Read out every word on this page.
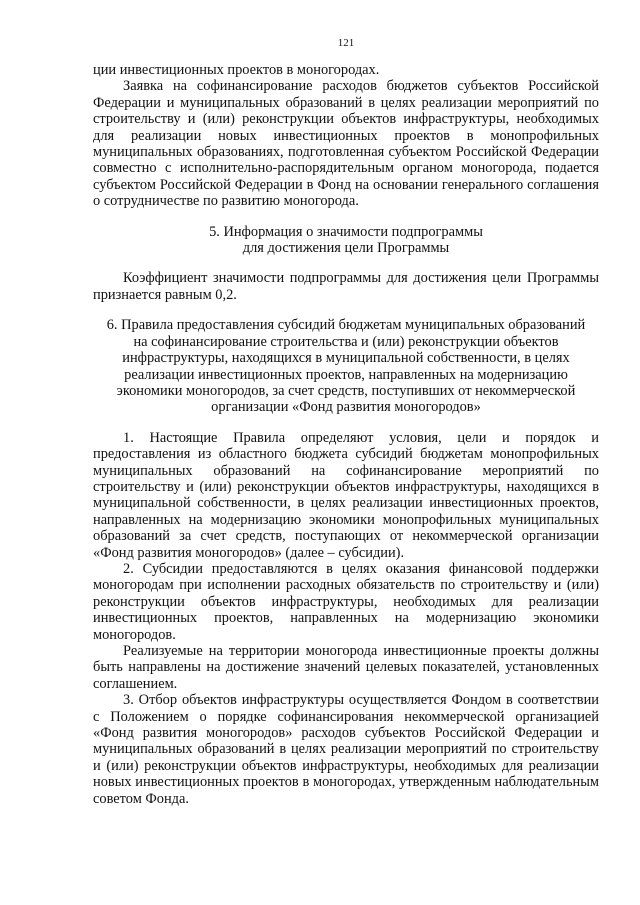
121

ции инвестиционных проектов в моногородах.

Заявка на софинансирование расходов бюджетов субъектов Российской Федерации и муниципальных образований в целях реализации мероприятий по строительству и (или) реконструкции объектов инфраструктуры, необходимых для реализации новых инвестиционных проектов в монопрофильных муниципальных образованиях, подготовленная субъектом Российской Федерации совместно с исполнительно-распорядительным органом моногорода, подается субъектом Российской Федерации в Фонд на основании генерального соглашения о сотрудничестве по развитию моногорода.

5. Информация о значимости подпрограммы

для достижения цели Программы

Коэффициент значимости подпрограммы для достижения цели Программы признается равным 0,2.

6. Правила предоставления субсидий бюджетам муниципальных образований

на софинансирование строительства и (или) реконструкции объектов

инфраструктуры, находящихся в муниципальной собственности, в целях

реализации инвестиционных проектов, направленных на модернизацию

экономики моногородов, за счет средств, поступивших от некоммерческой

организации «Фонд развития моногородов»

1. Настоящие Правила определяют условия, цели и порядок и предоставления из областного бюджета субсидий бюджетам монопрофильных муниципальных образований на софинансирование мероприятий по строительству и (или) реконструкции объектов инфраструктуры, находящихся в муниципальной собственности, в целях реализации инвестиционных проектов, направленных на модернизацию экономики монопрофильных муниципальных образований за счет средств, поступающих от некоммерческой организации «Фонд развития моногородов» (далее – субсидии).

2. Субсидии предоставляются в целях оказания финансовой поддержки моногородам при исполнении расходных обязательств по строительству и (или) реконструкции объектов инфраструктуры, необходимых для реализации инвестиционных проектов, направленных на модернизацию экономики моногородов.

Реализуемые на территории моногорода инвестиционные проекты должны быть направлены на достижение значений целевых показателей, установленных соглашением.

3. Отбор объектов инфраструктуры осуществляется Фондом в соответствии с Положением о порядке софинансирования некоммерческой организацией «Фонд развития моногородов» расходов субъектов Российской Федерации и муниципальных образований в целях реализации мероприятий по строительству и (или) реконструкции объектов инфраструктуры, необходимых для реализации новых инвестиционных проектов в моногородах, утвержденным наблюдательным советом Фонда.
